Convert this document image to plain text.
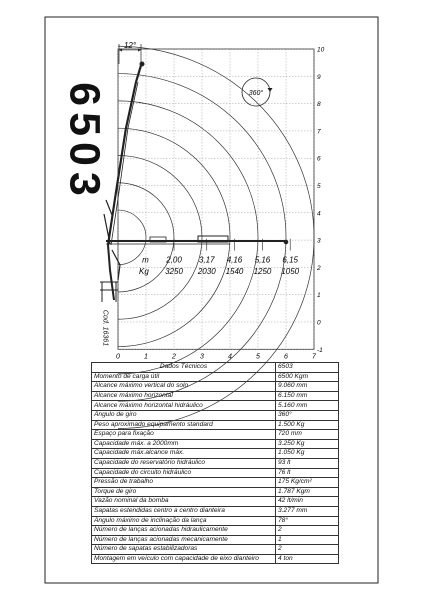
0	1	2	3	4	5	6	7
-1
0
1
2
3
4
5
6
7
8
9
10
12°
360°
m
Kg
2,00
3250
3,17
2030
4,16
1540
5,16
1250
6,15
1050
6503
Cod. 16361
Dados Técnicos	6503
Momento de carga útil	6500 Kgm
Alcance máximo vertical do solo	9.060 mm
Alcance máximo horizontal	6.150 mm
Alcance máximo horizontal hidráulico	5.160 mm
Ângulo de giro	360°
Peso aproximado equipamento standard	1.500 Kg
Espaço para fixação	720 mm
Capacidade máx. a 2000mm	3.250 Kg
Capacidade máx.alcance máx.	1.050 Kg
Capacidade do reservatório hidráulico	93 lt
Capacidade do circuito hidráulico	76 lt
Pressão de trabalho	175 Kg/cm²
Torque de giro	1.787 Kgm
Vazão nominal da bomba	42 lt/min
Sapatas estendidas centro a centro dianteira	3.277 mm
Ângulo máximo de inclinação da lança	78°
Número de lanças acionadas hidraulicamente	2
Número de lanças acionadas mecanicamente	1
Número de sapatas estabilizadoras	2
Montagem em veículo com capacidade de eixo dianteiro	4 ton
